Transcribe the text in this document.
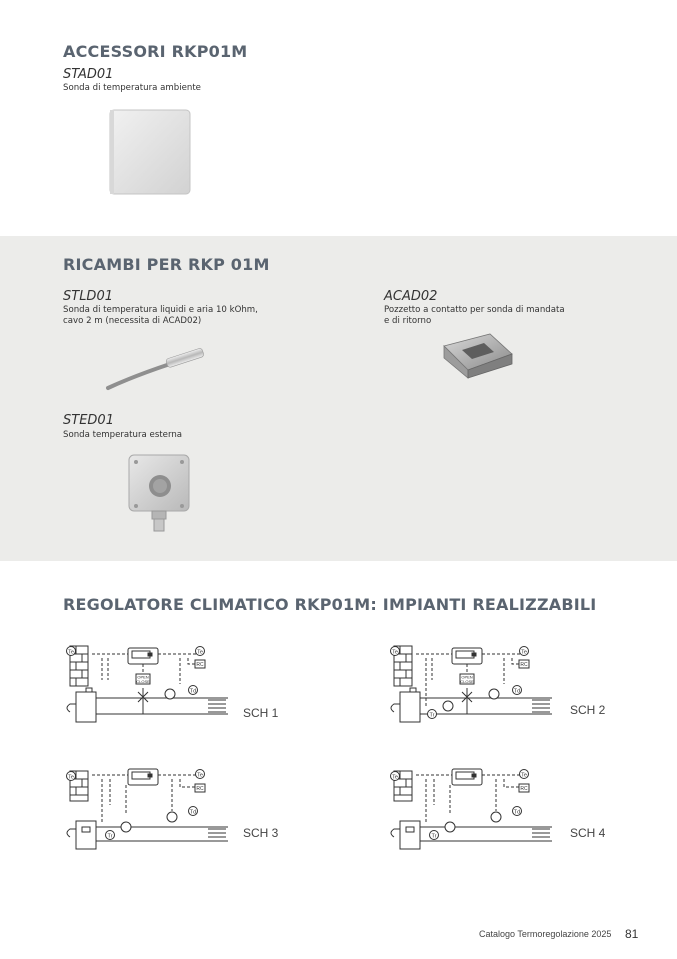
ACCESSORI RKP01M
STAD01
Sonda di temperatura ambiente
RICAMBI PER RKP 01M
STLD01
Sonda di temperatura liquidi e aria 10 kOhm,
cavo 2 m (necessita di ACAD02)
ACAD02
Pozzetto a contatto per sonda di mandata
e di ritorno
STED01
Sonda temperatura esterna
REGOLATORE CLIMATICO RKP01M: IMPIANTI REALIZZABILI
Te	Te
RC
OPEN
CLOSE
Td
SCH 1
Te	Te
RC
OPEN
CLOSE
Tr
Td
SCH 2
Te	Te
RC
Tr
Td
SCH 3
Te	Te
RC
Tr
Td
SCH 4
Catalogo Termoregolazione 2025 81
